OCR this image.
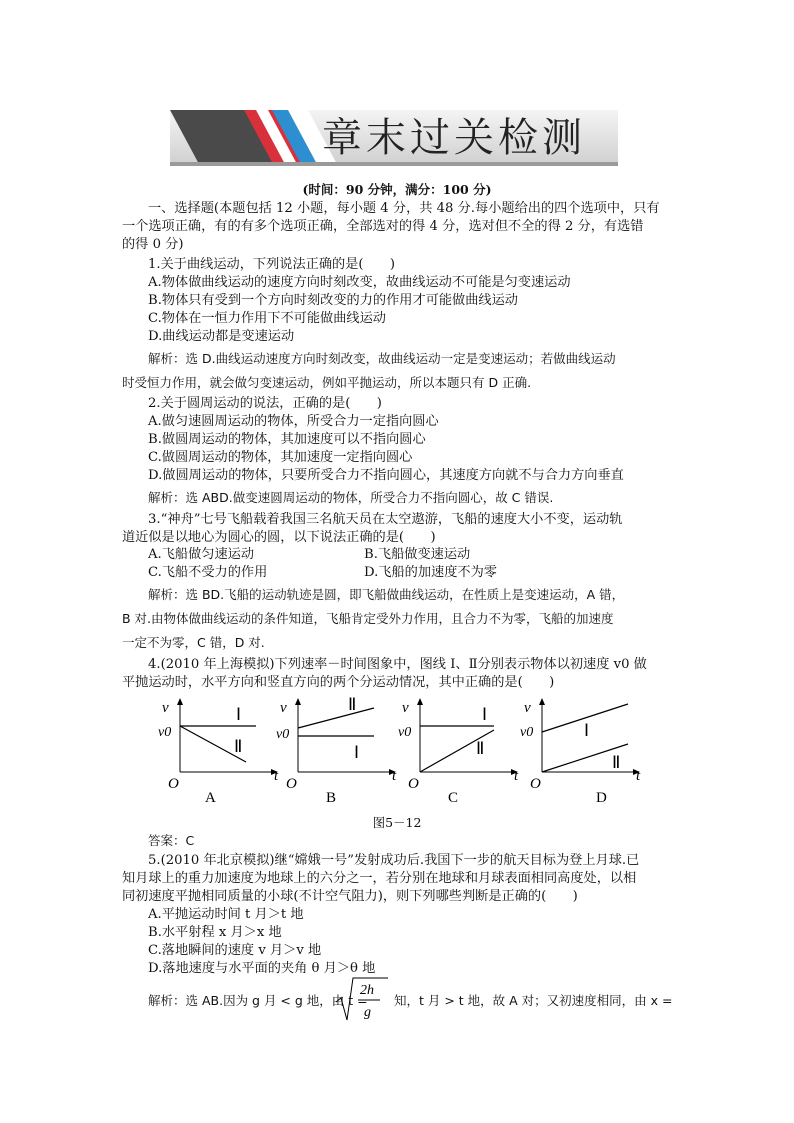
章末过关检测
(时间：90 分钟，满分：100 分)
一、选择题(本题包括 12 小题，每小题 4 分，共 48 分.每小题给出的四个选项中，只有
一个选项正确，有的有多个选项正确，全部选对的得 4 分，选对但不全的得 2 分，有选错
的得 0 分)
1.关于曲线运动，下列说法正确的是(　　)
A.物体做曲线运动的速度方向时刻改变，故曲线运动不可能是匀变速运动
B.物体只有受到一个方向时刻改变的力的作用才可能做曲线运动
C.物体在一恒力作用下不可能做曲线运动
D.曲线运动都是变速运动
解析：选 D.曲线运动速度方向时刻改变，故曲线运动一定是变速运动；若做曲线运动
时受恒力作用，就会做匀变速运动，例如平抛运动，所以本题只有 D 正确.
2.关于圆周运动的说法，正确的是(　　)
A.做匀速圆周运动的物体，所受合力一定指向圆心
B.做圆周运动的物体，其加速度可以不指向圆心
C.做圆周运动的物体，其加速度一定指向圆心
D.做圆周运动的物体，只要所受合力不指向圆心，其速度方向就不与合力方向垂直
解析：选 ABD.做变速圆周运动的物体，所受合力不指向圆心，故 C 错误.
3.“神舟”七号飞船载着我国三名航天员在太空遨游，飞船的速度大小不变，运动轨
道近似是以地心为圆心的圆，以下说法正确的是(　　)
A.飞船做匀速运动	B.飞船做变速运动
C.飞船不受力的作用	D.飞船的加速度不为零
解析：选 BD.飞船的运动轨迹是圆，即飞船做曲线运动，在性质上是变速运动，A 错，
B 对.由物体做曲线运动的条件知道，飞船肯定受外力作用，且合力不为零，飞船的加速度
一定不为零，C 错，D 对.
4.(2010 年上海模拟)下列速率－时间图象中，图线 Ⅰ、Ⅱ分别表示物体以初速度 v0 做
平抛运动时，水平方向和竖直方向的两个分运动情况，其中正确的是(　　)
v
v0
t
O
Ⅰ
Ⅱ
A
v
v0
t
O
Ⅱ
Ⅰ
B
v
v0
t
O
Ⅰ
Ⅱ
C
v
v0
t
O
Ⅰ
Ⅱ
D
图5－12
答案：C
5.(2010 年北京模拟)继“嫦娥一号”发射成功后.我国下一步的航天目标为登上月球.已
知月球上的重力加速度为地球上的六分之一，若分别在地球和月球表面相同高度处，以相
同初速度平抛相同质量的小球(不计空气阻力)，则下列哪些判断是正确的(　　)
A.平抛运动时间 t 月＞t 地
B.水平射程 x 月＞x 地
C.落地瞬间的速度 v 月＞v 地
D.落地速度与水平面的夹角 θ 月＞θ 地
解析：选 AB.因为 g 月 < g 地，由 t =
2h
g
知，t 月 > t 地，故 A 对；又初速度相同，由 x =
